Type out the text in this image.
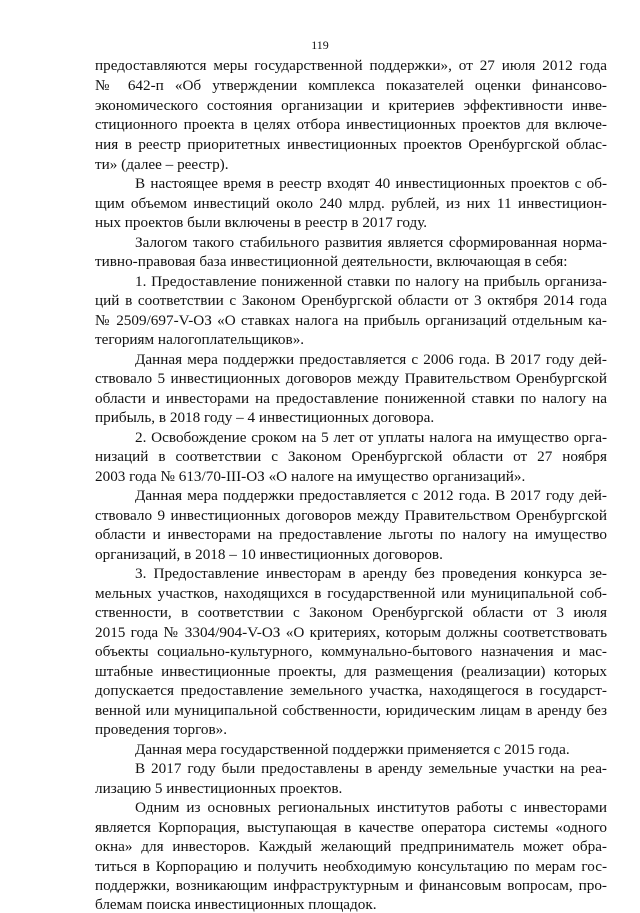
119
предоставляются меры государственной поддержки», от 27 июля 2012 года
№ 642-п «Об утверждении комплекса показателей оценки финансово-
экономического состояния организации и критериев эффективности инве-
стиционного проекта в целях отбора инвестиционных проектов для включе-
ния в реестр приоритетных инвестиционных проектов Оренбургской облас-
ти» (далее – реестр).
В настоящее время в реестр входят 40 инвестиционных проектов с об-
щим объемом инвестиций около 240 млрд. рублей, из них 11 инвестицион-
ных проектов были включены в реестр в 2017 году.
Залогом такого стабильного развития является сформированная норма-
тивно-правовая база инвестиционной деятельности, включающая в себя:
1. Предоставление пониженной ставки по налогу на прибыль организа-
ций в соответствии с Законом Оренбургской области от 3 октября 2014 года
№ 2509/697-V-ОЗ «О ставках налога на прибыль организаций отдельным ка-
тегориям налогоплательщиков».
Данная мера поддержки предоставляется с 2006 года. В 2017 году дей-
ствовало 5 инвестиционных договоров между Правительством Оренбургской
области и инвесторами на предоставление пониженной ставки по налогу на
прибыль, в 2018 году – 4 инвестиционных договора.
2. Освобождение сроком на 5 лет от уплаты налога на имущество орга-
низаций в соответствии с Законом Оренбургской области от 27 ноября
2003 года № 613/70-III-ОЗ «О налоге на имущество организаций».
Данная мера поддержки предоставляется с 2012 года. В 2017 году дей-
ствовало 9 инвестиционных договоров между Правительством Оренбургской
области и инвесторами на предоставление льготы по налогу на имущество
организаций, в 2018 – 10 инвестиционных договоров.
3. Предоставление инвесторам в аренду без проведения конкурса зе-
мельных участков, находящихся в государственной или муниципальной соб-
ственности, в соответствии с Законом Оренбургской области от 3 июля
2015 года № 3304/904-V-ОЗ «О критериях, которым должны соответствовать
объекты социально-культурного, коммунально-бытового назначения и мас-
штабные инвестиционные проекты, для размещения (реализации) которых
допускается предоставление земельного участка, находящегося в государст-
венной или муниципальной собственности, юридическим лицам в аренду без
проведения торгов».
Данная мера государственной поддержки применяется с 2015 года.
В 2017 году были предоставлены в аренду земельные участки на реа-
лизацию 5 инвестиционных проектов.
Одним из основных региональных институтов работы с инвесторами
является Корпорация, выступающая в качестве оператора системы «одного
окна» для инвесторов. Каждый желающий предприниматель может обра-
титься в Корпорацию и получить необходимую консультацию по мерам гос-
поддержки, возникающим инфраструктурным и финансовым вопросам, про-
блемам поиска инвестиционных площадок.
